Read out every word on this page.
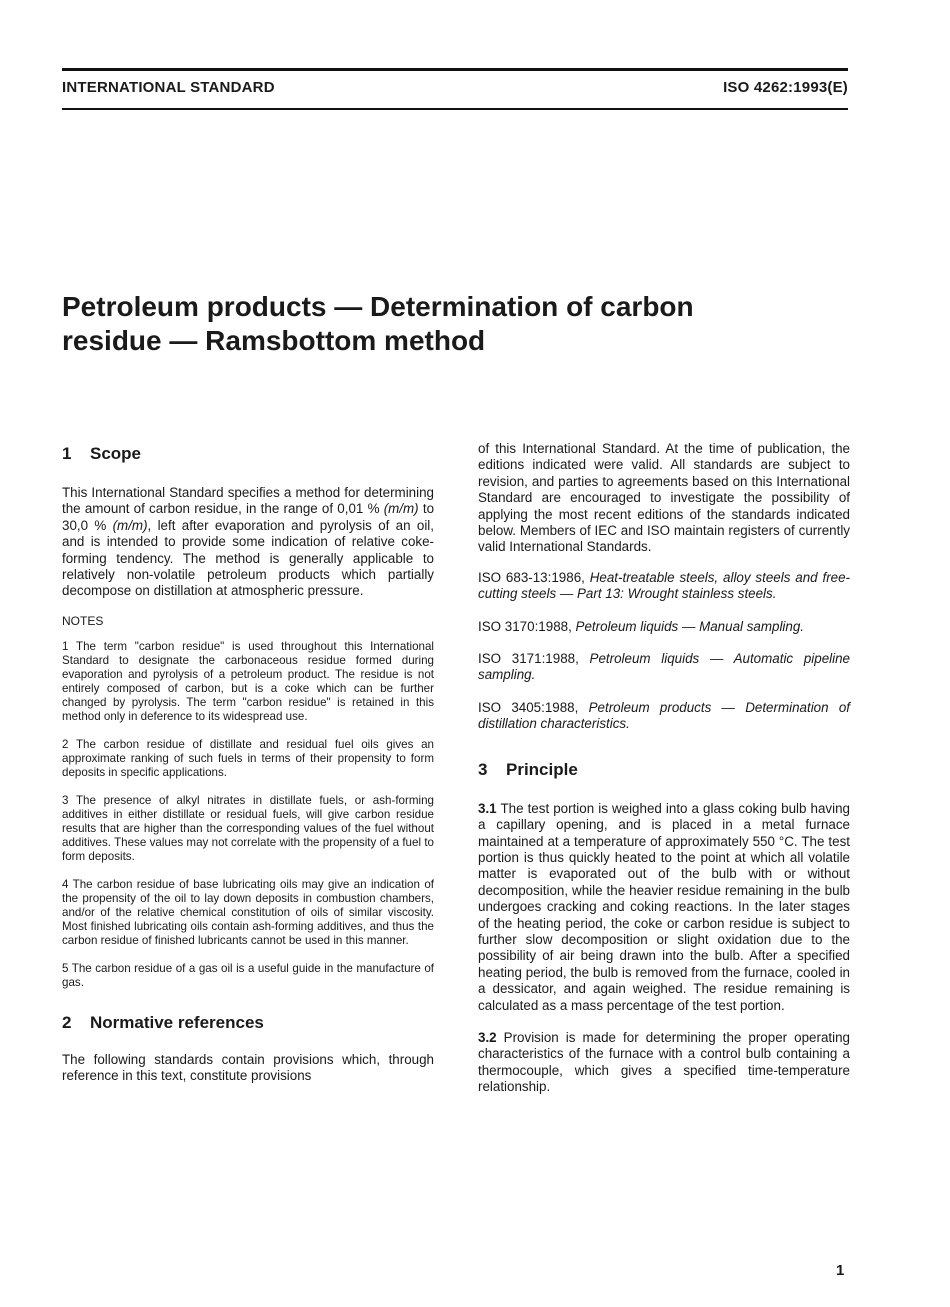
INTERNATIONAL STANDARD	ISO 4262:1993(E)
Petroleum products — Determination of carbon
residue — Ramsbottom method
1 Scope

This International Standard specifies a method for determining the amount of carbon residue, in the range of 0,01 % (m/m) to 30,0 % (m/m), left after evaporation and pyrolysis of an oil, and is intended to provide some indication of relative coke-forming tendency. The method is generally applicable to relatively non-volatile petroleum products which partially decompose on distillation at atmospheric pressure.

NOTES

1 The term "carbon residue" is used throughout this International Standard to designate the carbonaceous residue formed during evaporation and pyrolysis of a petroleum product. The residue is not entirely composed of carbon, but is a coke which can be further changed by pyrolysis. The term "carbon residue" is retained in this method only in deference to its widespread use.

2 The carbon residue of distillate and residual fuel oils gives an approximate ranking of such fuels in terms of their propensity to form deposits in specific applications.

3 The presence of alkyl nitrates in distillate fuels, or ash-forming additives in either distillate or residual fuels, will give carbon residue results that are higher than the corresponding values of the fuel without additives. These values may not correlate with the propensity of a fuel to form deposits.

4 The carbon residue of base lubricating oils may give an indication of the propensity of the oil to lay down deposits in combustion chambers, and/or of the relative chemical constitution of oils of similar viscosity. Most finished lubricating oils contain ash-forming additives, and thus the carbon residue of finished lubricants cannot be used in this manner.

5 The carbon residue of a gas oil is a useful guide in the manufacture of gas.

2 Normative references

The following standards contain provisions which, through reference in this text, constitute provisions

of this International Standard. At the time of publication, the editions indicated were valid. All standards are subject to revision, and parties to agreements based on this International Standard are encouraged to investigate the possibility of applying the most recent editions of the standards indicated below. Members of IEC and ISO maintain registers of currently valid International Standards.

ISO 683-13:1986, Heat-treatable steels, alloy steels and free-cutting steels — Part 13: Wrought stainless steels.

ISO 3170:1988, Petroleum liquids — Manual sampling.

ISO 3171:1988, Petroleum liquids — Automatic pipeline sampling.

ISO 3405:1988, Petroleum products — Determination of distillation characteristics.

3 Principle

3.1 The test portion is weighed into a glass coking bulb having a capillary opening, and is placed in a metal furnace maintained at a temperature of approximately 550 °C. The test portion is thus quickly heated to the point at which all volatile matter is evaporated out of the bulb with or without decomposition, while the heavier residue remaining in the bulb undergoes cracking and coking reactions. In the later stages of the heating period, the coke or carbon residue is subject to further slow decomposition or slight oxidation due to the possibility of air being drawn into the bulb. After a specified heating period, the bulb is removed from the furnace, cooled in a dessicator, and again weighed. The residue remaining is calculated as a mass percentage of the test portion.

3.2 Provision is made for determining the proper operating characteristics of the furnace with a control bulb containing a thermocouple, which gives a specified time-temperature relationship.

1
